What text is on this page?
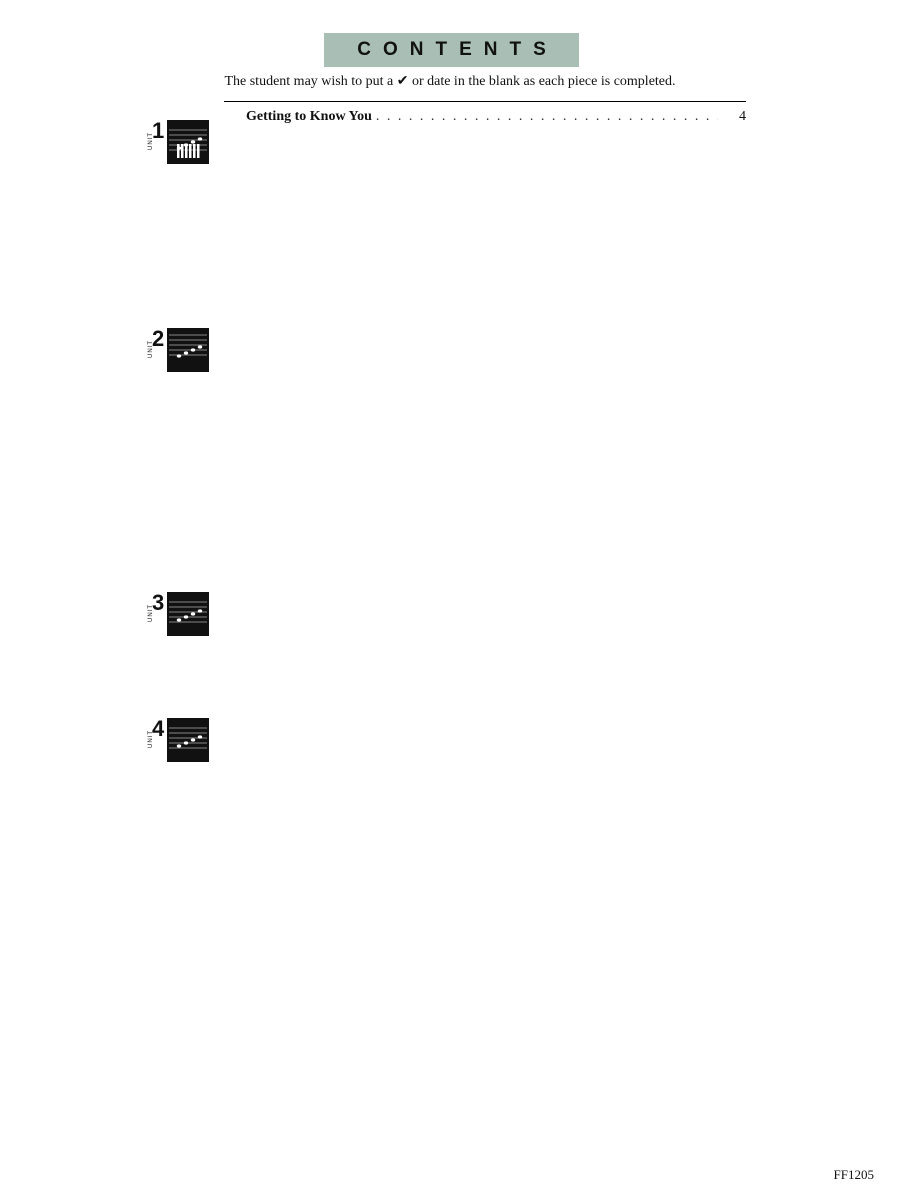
CONTENTS
The student may wish to put a ✔ or date in the blank as each piece is completed.
FF1205
Getting to Know You
. . .	4
1
UNIT
2
UNIT
3
UNIT
4
UNIT
